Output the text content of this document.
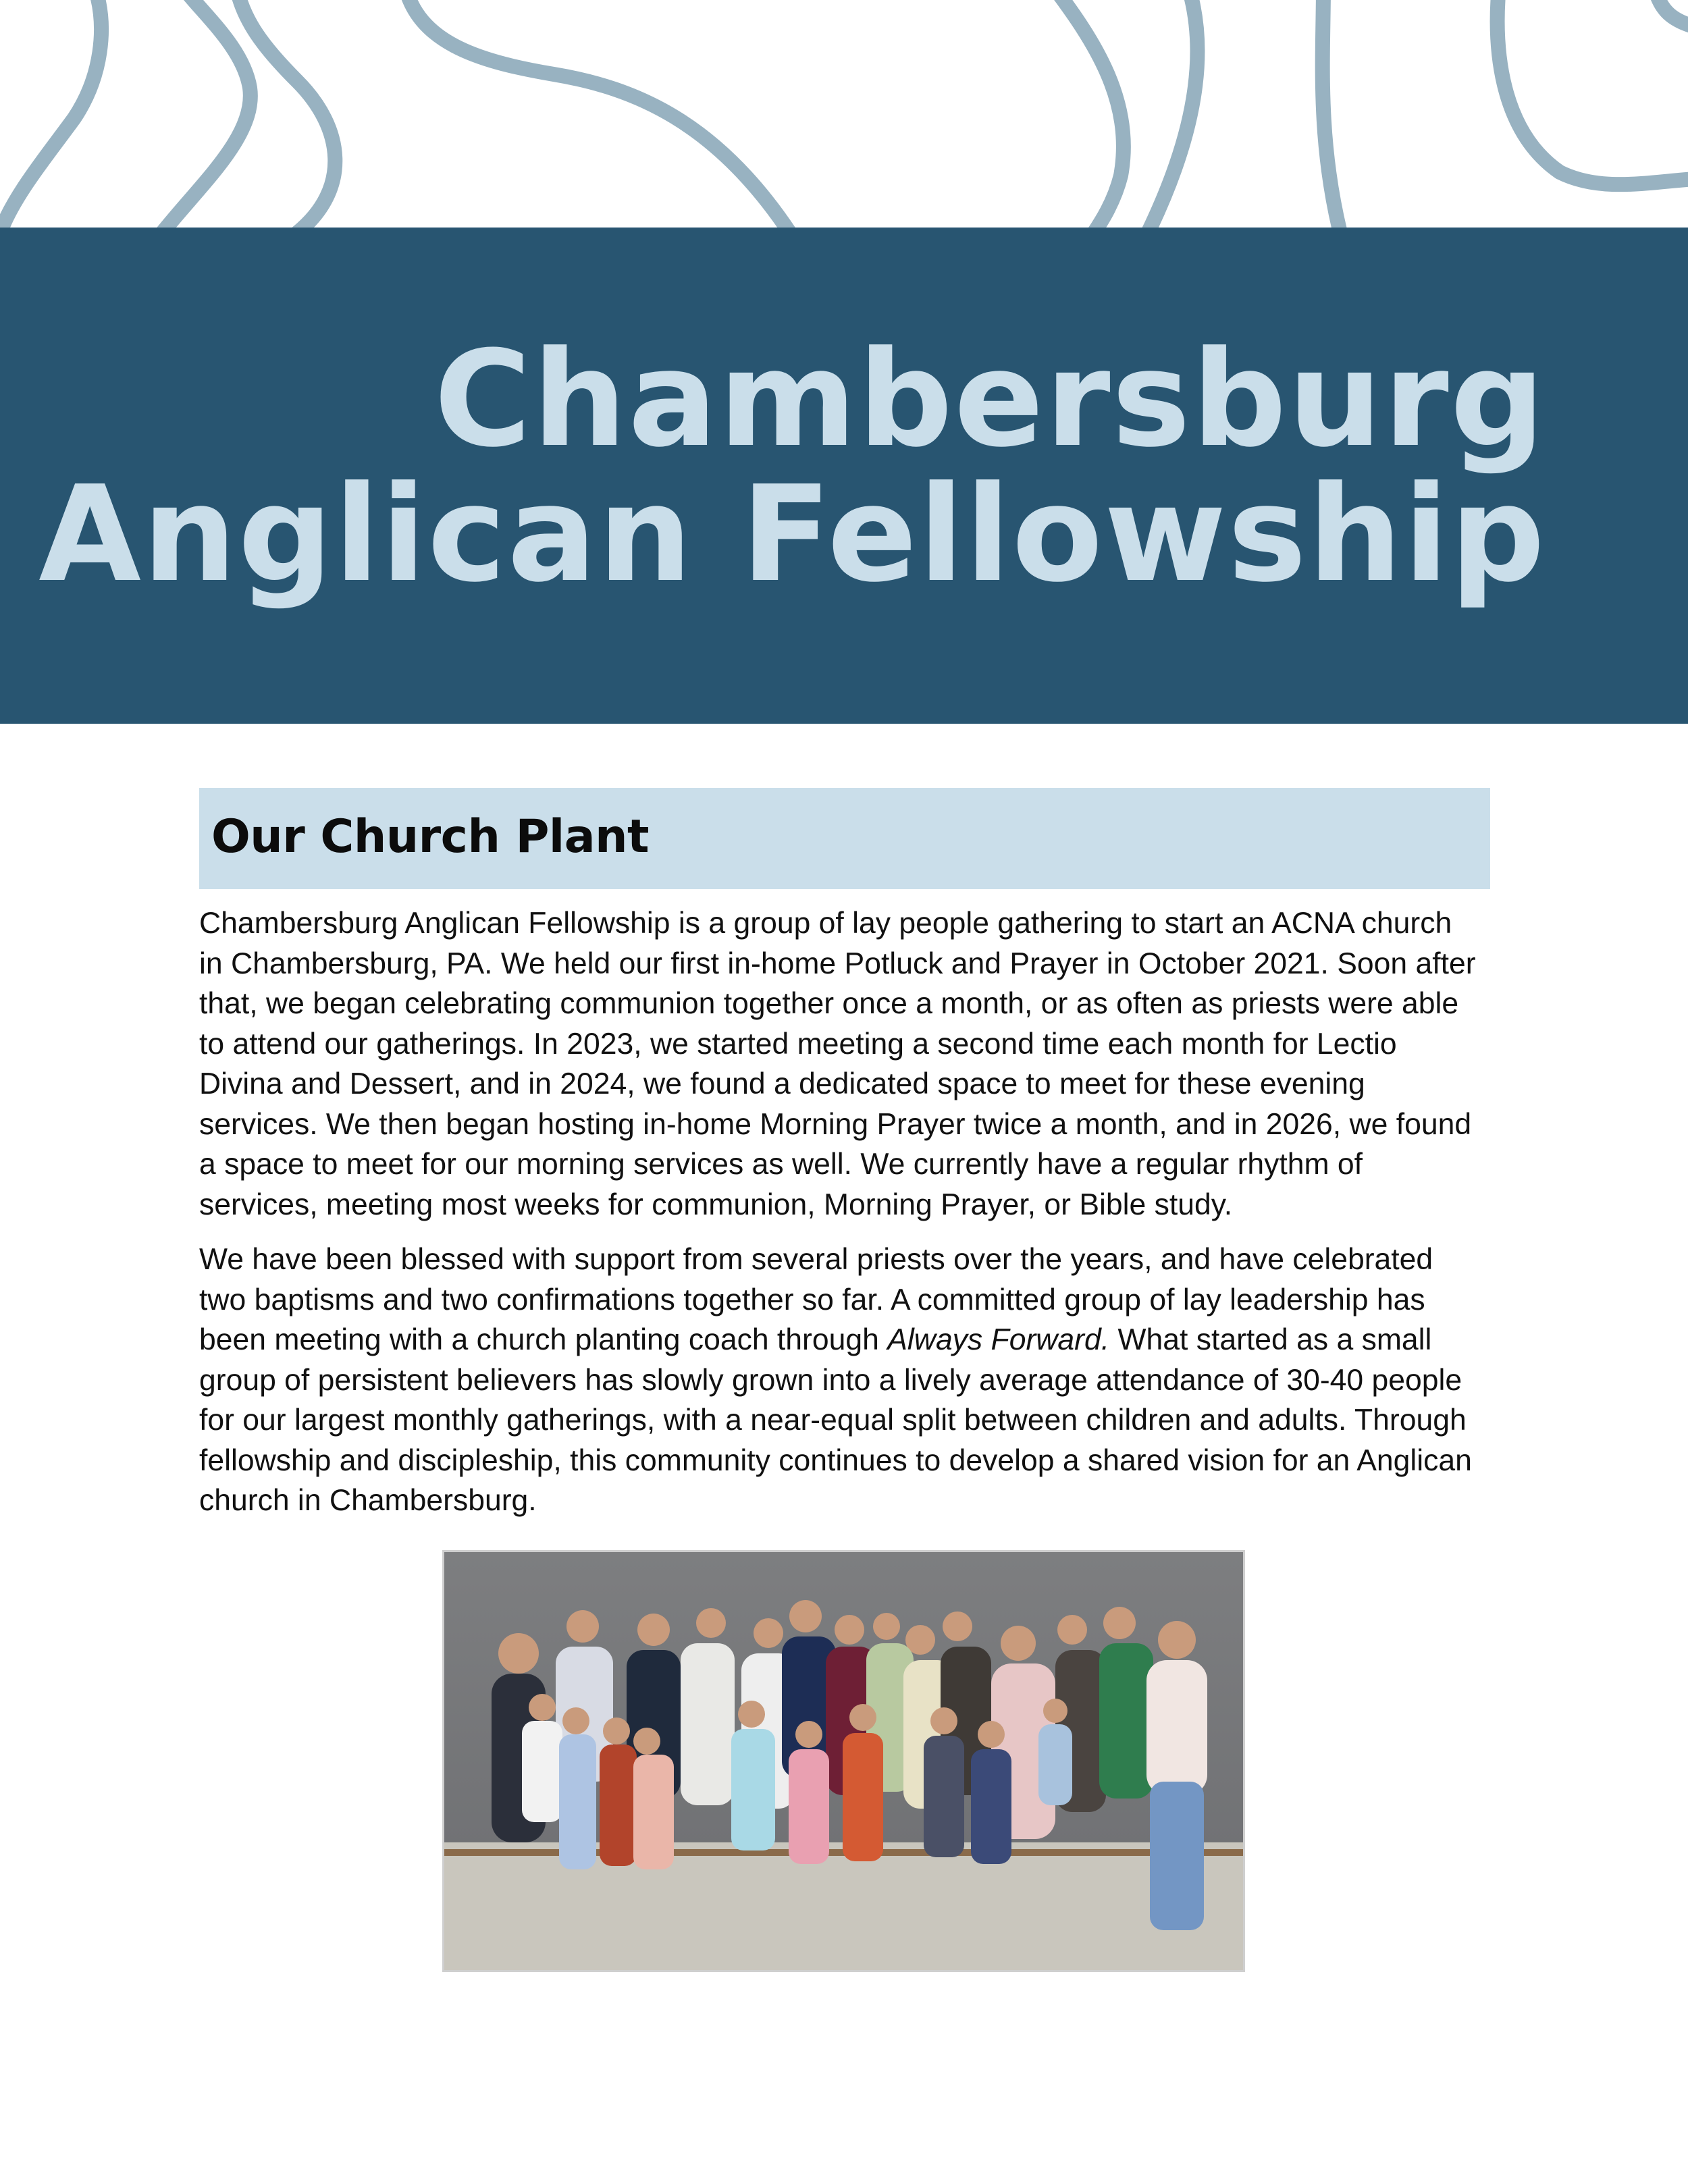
Chambersburg
Anglican Fellowship
Our Church Plant

Chambersburg Anglican Fellowship is a group of lay people gathering to start an ACNA church
in Chambersburg, PA. We held our first in-home Potluck and Prayer in October 2021. Soon after
that, we began celebrating communion together once a month, or as often as priests were able
to attend our gatherings. In 2023, we started meeting a second time each month for Lectio
Divina and Dessert, and in 2024, we found a dedicated space to meet for these evening
services. We then began hosting in-home Morning Prayer twice a month, and in 2026, we found
a space to meet for our morning services as well. We currently have a regular rhythm of
services, meeting most weeks for communion, Morning Prayer, or Bible study.

We have been blessed with support from several priests over the years, and have celebrated
two baptisms and two confirmations together so far. A committed group of lay leadership has
been meeting with a church planting coach through Always Forward. What started as a small
group of persistent believers has slowly grown into a lively average attendance of 30-40 people
for our largest monthly gatherings, with a near-equal split between children and adults. Through
fellowship and discipleship, this community continues to develop a shared vision for an Anglican
church in Chambersburg.
